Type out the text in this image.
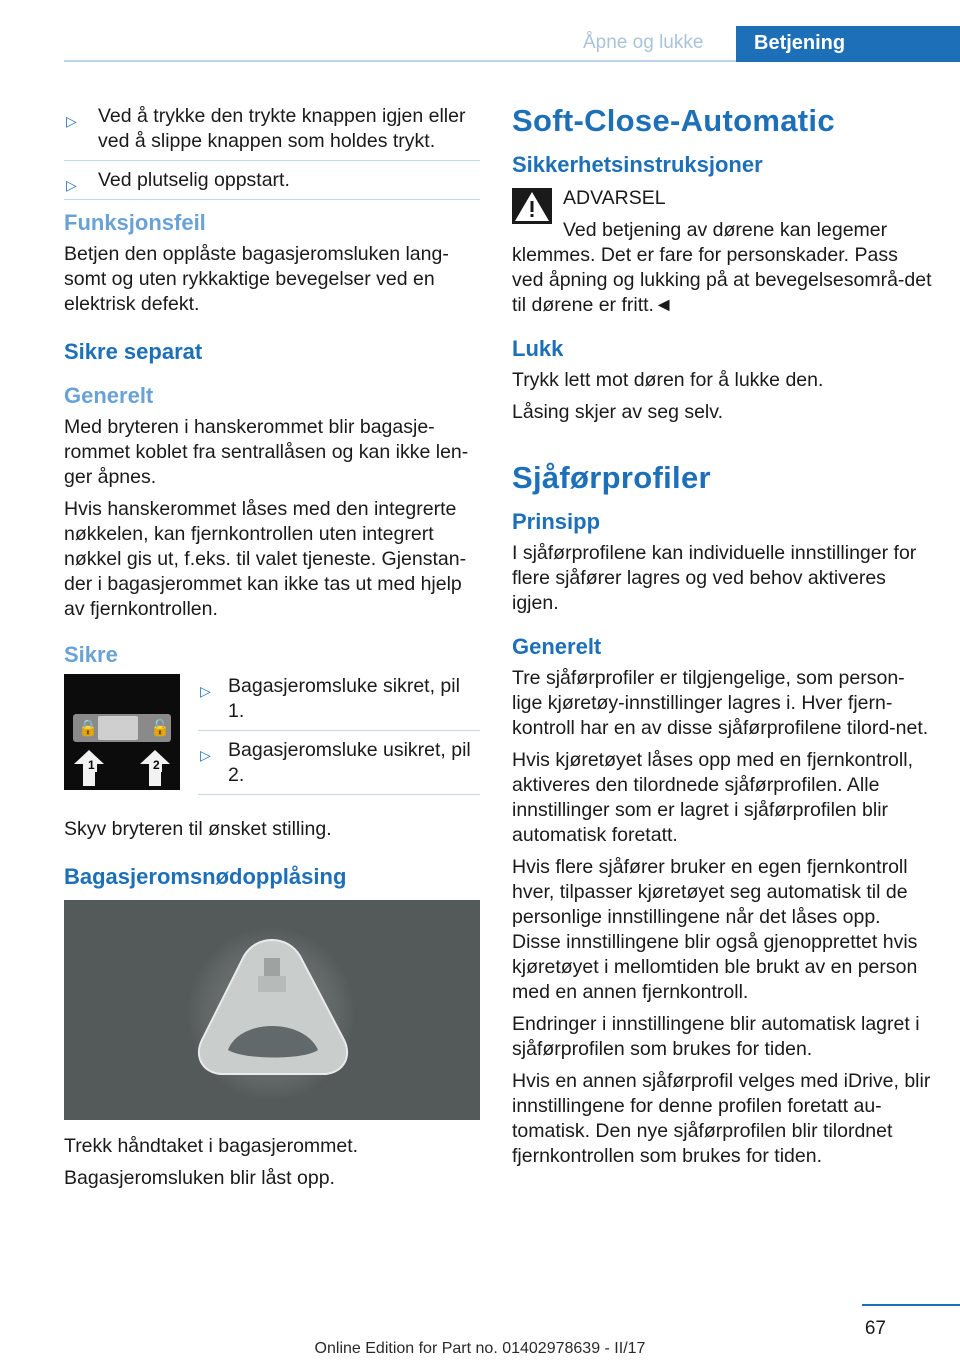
Åpne og lukke	Betjening
▷ Ved å trykke den trykte knappen igjen eller ved å slippe knappen som holdes trykt.
▷ Ved plutselig oppstart.
Funksjonsfeil

Betjen den opplåste bagasjeromsluken lang-somt og uten rykkaktige bevegelser ved en elektrisk defekt.

Sikre separat
Generelt

Med bryteren i hanskerommet blir bagasje-rommet koblet fra sentrallåsen og kan ikke len-ger åpnes.

Hvis hanskerommet låses med den integrerte nøkkelen, kan fjernkontrollen uten integrert nøkkel gis ut, f.eks. til valet tjeneste. Gjenstan-der i bagasjerommet kan ikke tas ut med hjelp av fjernkontrollen.

Sikre
🔒	🔓
1	2
▷ Bagasjeromsluke sikret, pil 1.
▷ Bagasjeromsluke usikret, pil 2.

Skyv bryteren til ønsket stilling.

Bagasjeromsnødopplåsing

Trekk håndtaket i bagasjerommet.

Bagasjeromsluken blir låst opp.

Soft-Close-Automatic
Sikkerhetsinstruksjoner
ADVARSEL
Ved betjening av dørene kan legemer klemmes. Det er fare for personskader. Pass ved åpning og lukking på at bevegelsesområ-det til dørene er fritt.◄
Lukk

Trykk lett mot døren for å lukke den.

Låsing skjer av seg selv.

Sjåførprofiler
Prinsipp

I sjåførprofilene kan individuelle innstillinger for flere sjåfører lagres og ved behov aktiveres igjen.

Generelt

Tre sjåførprofiler er tilgjengelige, som person-lige kjøretøy-innstillinger lagres i. Hver fjern-kontroll har en av disse sjåførprofilene tilord-net.

Hvis kjøretøyet låses opp med en fjernkontroll, aktiveres den tilordnede sjåførprofilen. Alle innstillinger som er lagret i sjåførprofilen blir automatisk foretatt.

Hvis flere sjåfører bruker en egen fjernkontroll hver, tilpasser kjøretøyet seg automatisk til de personlige innstillingene når det låses opp. Disse innstillingene blir også gjenopprettet hvis kjøretøyet i mellomtiden ble brukt av en person med en annen fjernkontroll.

Endringer i innstillingene blir automatisk lagret i sjåførprofilen som brukes for tiden.

Hvis en annen sjåførprofil velges med iDrive, blir innstillingene for denne profilen foretatt au-tomatisk. Den nye sjåførprofilen blir tilordnet fjernkontrollen som brukes for tiden.

67
Online Edition for Part no. 01402978639 - II/17
